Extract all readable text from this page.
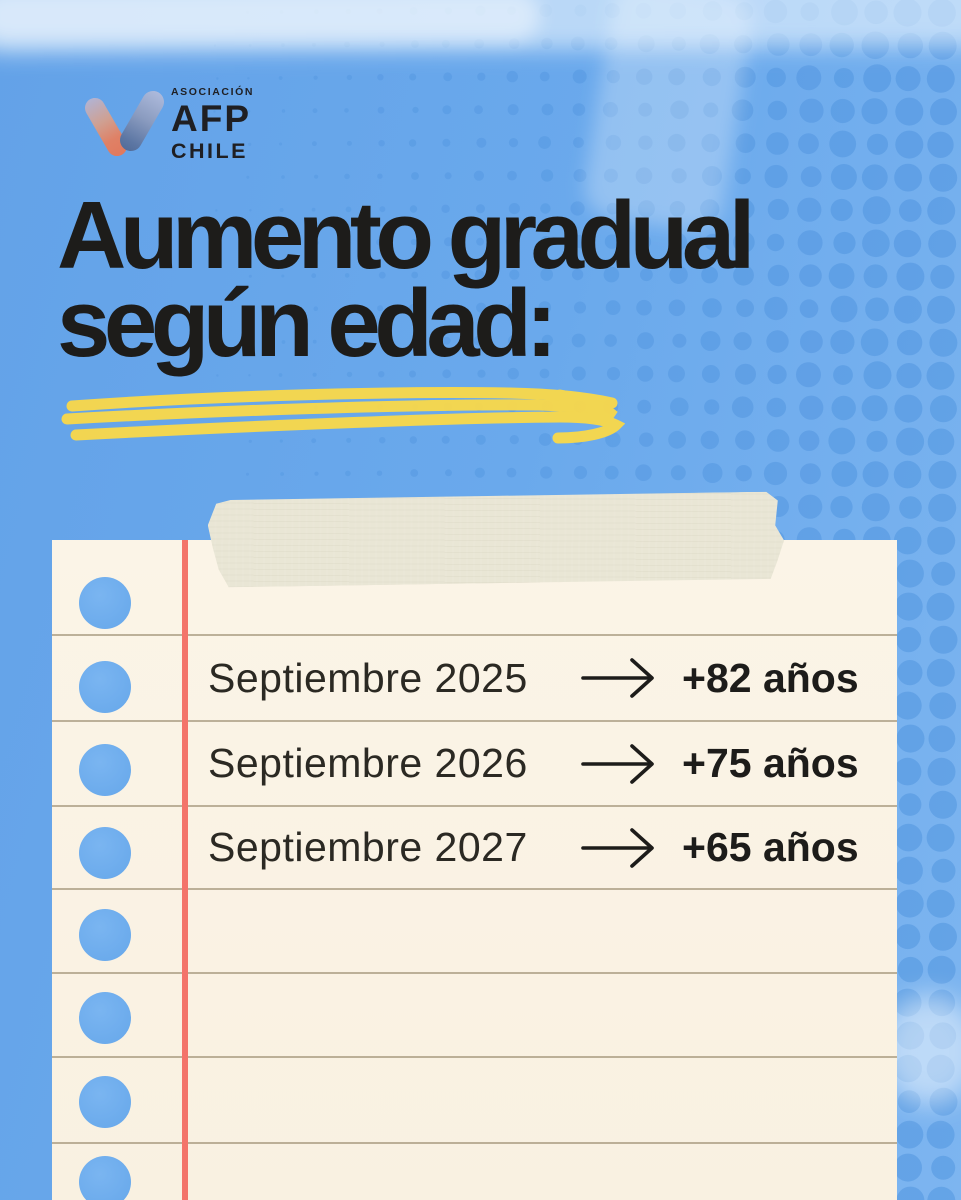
ASOCIACIÓN
AFP
CHILE
Aumento gradual
según edad:
Septiembre 2025	+82 años
Septiembre 2026	+75 años
Septiembre 2027	+65 años
